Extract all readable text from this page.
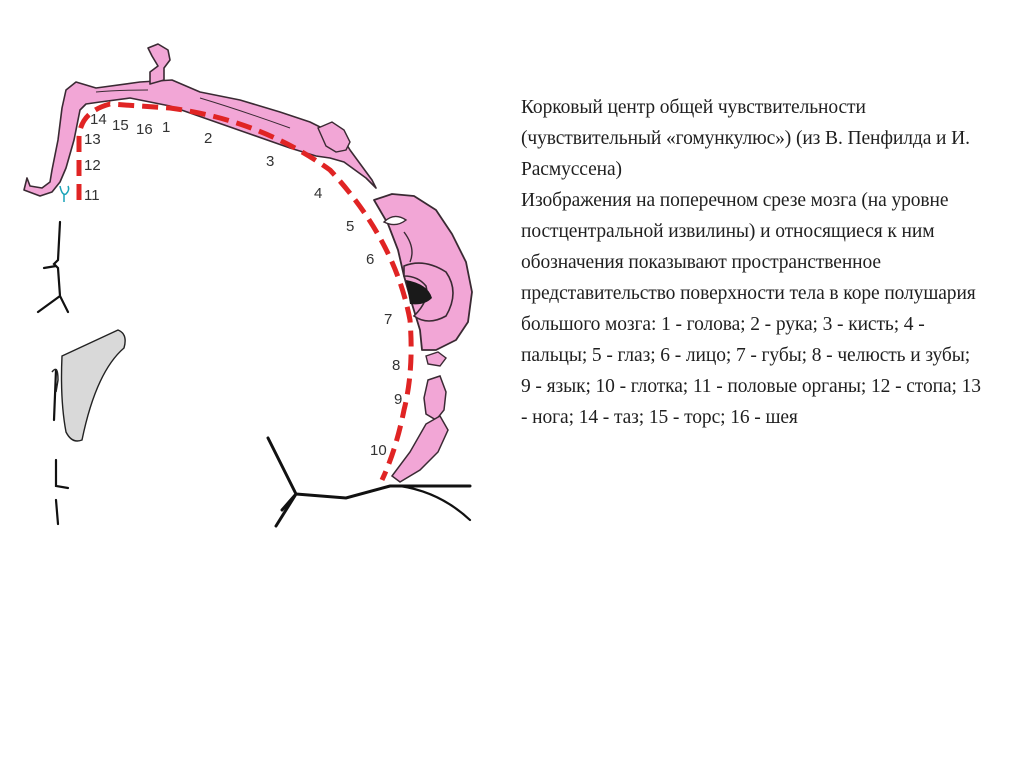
1
2
3
4
5
6
7
8
9
10
11
12
13
14 15 16

Корковый центр общей чувствительности (чувствительный «гомункулюс») (из В. Пенфилда и И. Расмуссена)

Изображения на поперечном срезе мозга (на уровне постцентральной извилины) и относящиеся к ним обозначения показывают пространственное представительство поверхности тела в коре полушария большого мозга: 1 - голова; 2 - рука; 3 - кисть; 4 - пальцы; 5 - глаз; 6 - лицо; 7 - губы; 8 - челюсть и зубы; 9 - язык; 10 - глотка; 11 - половые органы; 12 - стопа; 13 - нога; 14 - таз; 15 - торс; 16 - шея
